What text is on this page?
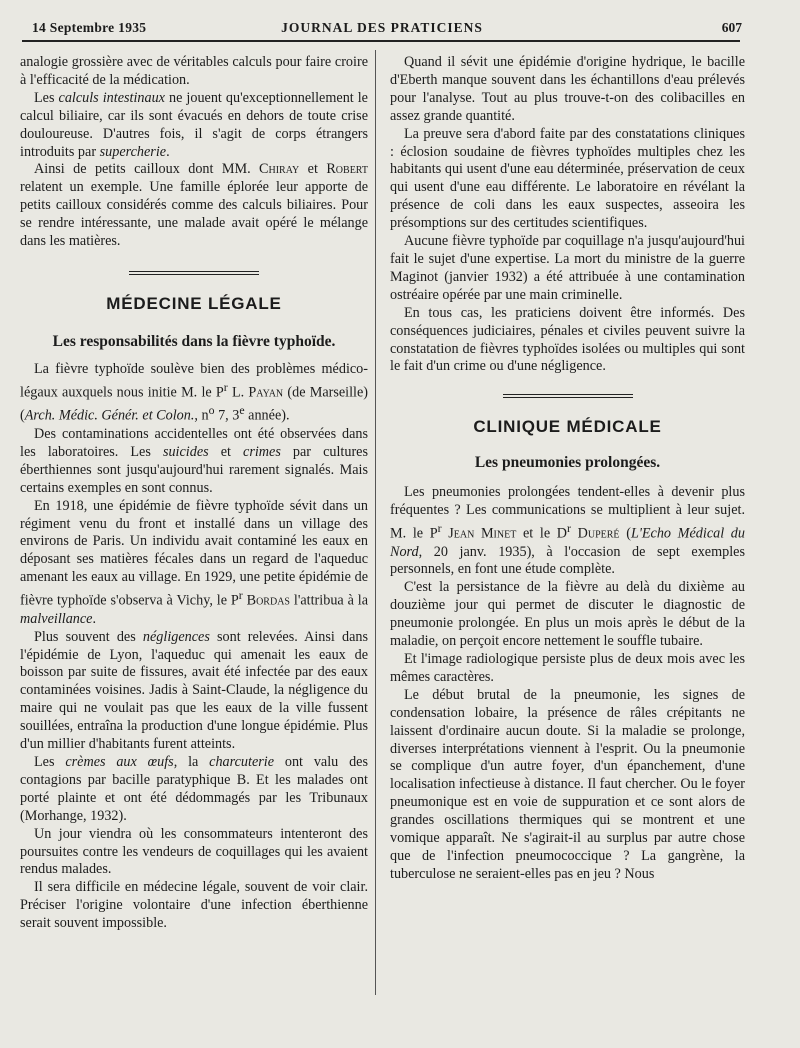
14 Septembre 1935	JOURNAL DES PRATICIENS	607

analogie grossière avec de véritables calculs pour faire croire à l'efficacité de la médication.

Les calculs intestinaux ne jouent qu'exceptionnellement le calcul biliaire, car ils sont évacués en dehors de toute crise douloureuse. D'autres fois, il s'agit de corps étrangers introduits par supercherie.

Ainsi de petits cailloux dont MM. Chiray et Robert relatent un exemple. Une famille éplorée leur apporte de petits cailloux considérés comme des calculs biliaires. Pour se rendre intéressante, une malade avait opéré le mélange dans les matières.

MÉDECINE LÉGALE
Les responsabilités dans la fièvre typhoïde.

La fièvre typhoïde soulève bien des problèmes médico-légaux auxquels nous initie M. le $P^r$ L. Payan (de Marseille) (Arch. Médic. Génér. et Colon., $n^o$ 7, 3e année).

Des contaminations accidentelles ont été observées dans les laboratoires. Les suicides et crimes par cultures éberthiennes sont jusqu'aujourd'hui rarement signalés. Mais certains exemples en sont connus.

En 1918, une épidémie de fièvre typhoïde sévit dans un régiment venu du front et installé dans un village des environs de Paris. Un individu avait contaminé les eaux en déposant ses matières fécales dans un regard de l'aqueduc amenant les eaux au village. En 1929, une petite épidémie de fièvre typhoïde s'observa à Vichy, le $P^r$ Bordas l'attribua à la malveillance.

Plus souvent des négligences sont relevées. Ainsi dans l'épidémie de Lyon, l'aqueduc qui amenait les eaux de boisson par suite de fissures, avait été infectée par des eaux contaminées voisines. Jadis à Saint-Claude, la négligence du maire qui ne voulait pas que les eaux de la ville fussent souillées, entraîna la production d'une longue épidémie. Plus d'un millier d'habitants furent atteints.

Les crèmes aux œufs, la charcuterie ont valu des contagions par bacille paratyphique B. Et les malades ont porté plainte et ont été dédommagés par les Tribunaux (Morhange, 1932).

Un jour viendra où les consommateurs intenteront des poursuites contre les vendeurs de coquillages qui les avaient rendus malades.

Il sera difficile en médecine légale, souvent de voir clair. Préciser l'origine volontaire d'une infection éberthienne serait souvent impossible.

Quand il sévit une épidémie d'origine hydrique, le bacille d'Eberth manque souvent dans les échantillons d'eau prélevés pour l'analyse. Tout au plus trouve-t-on des colibacilles en assez grande quantité.

La preuve sera d'abord faite par des constatations cliniques : éclosion soudaine de fièvres typhoïdes multiples chez les habitants qui usent d'une eau déterminée, préservation de ceux qui usent d'une eau différente. Le laboratoire en révélant la présence de coli dans les eaux suspectes, asseoira les présomptions sur des certitudes scientifiques.

Aucune fièvre typhoïde par coquillage n'a jusqu'aujourd'hui fait le sujet d'une expertise. La mort du ministre de la guerre Maginot (janvier 1932) a été attribuée à une contamination ostréaire opérée par une main criminelle.

En tous cas, les praticiens doivent être informés. Des conséquences judiciaires, pénales et civiles peuvent suivre la constatation de fièvres typhoïdes isolées ou multiples qui sont le fait d'un crime ou d'une négligence.

CLINIQUE MÉDICALE
Les pneumonies prolongées.

Les pneumonies prolongées tendent-elles à devenir plus fréquentes ? Les communications se multiplient à leur sujet. M. le $P^r$ Jean Minet et le $D^r$ Duperé (L'Echo Médical du Nord, 20 janv. 1935), à l'occasion de sept exemples personnels, en font une étude complète.

C'est la persistance de la fièvre au delà du dixième au douzième jour qui permet de discuter le diagnostic de pneumonie prolongée. En plus un mois après le début de la maladie, on perçoit encore nettement le souffle tubaire.

Et l'image radiologique persiste plus de deux mois avec les mêmes caractères.

Le début brutal de la pneumonie, les signes de condensation lobaire, la présence de râles crépitants ne laissent d'ordinaire aucun doute. Si la maladie se prolonge, diverses interprétations viennent à l'esprit. Ou la pneumonie se complique d'un autre foyer, d'un épanchement, d'une localisation infectieuse à distance. Il faut chercher. Ou le foyer pneumonique est en voie de suppuration et ce sont alors de grandes oscillations thermiques qui se montrent et une vomique apparaît. Ne s'agirait-il au surplus par autre chose que de l'infection pneumococcique ? La gangrène, la tuberculose ne seraient-elles pas en jeu ? Nous
